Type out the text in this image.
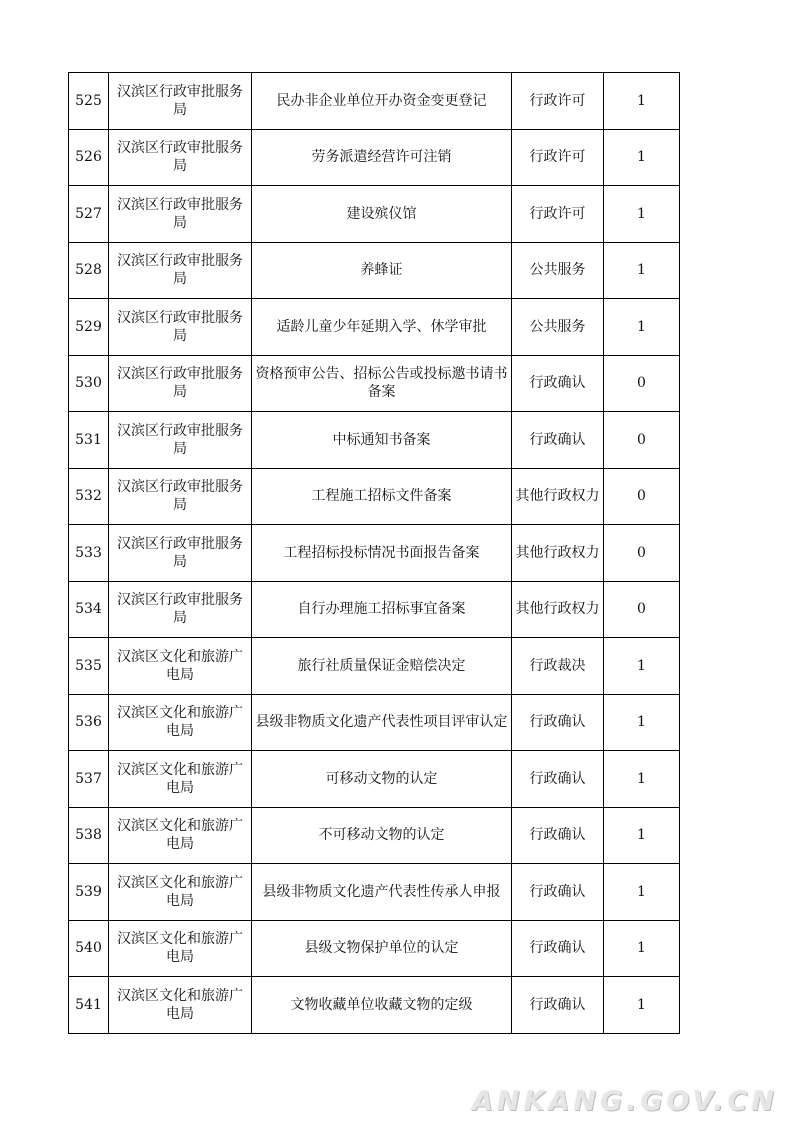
525	汉滨区行政审批服务局	民办非企业单位开办资金变更登记	行政许可	1
526	汉滨区行政审批服务局	劳务派遣经营许可注销	行政许可	1
527	汉滨区行政审批服务局	建设殡仪馆	行政许可	1
528	汉滨区行政审批服务局	养蜂证	公共服务	1
529	汉滨区行政审批服务局	适龄儿童少年延期入学、休学审批	公共服务	1
530	汉滨区行政审批服务局	资格预审公告、招标公告或投标邀书请书备案	行政确认	0
531	汉滨区行政审批服务局	中标通知书备案	行政确认	0
532	汉滨区行政审批服务局	工程施工招标文件备案	其他行政权力	0
533	汉滨区行政审批服务局	工程招标投标情况书面报告备案	其他行政权力	0
534	汉滨区行政审批服务局	自行办理施工招标事宜备案	其他行政权力	0
535	汉滨区文化和旅游广电局	旅行社质量保证金赔偿决定	行政裁决	1
536	汉滨区文化和旅游广电局	县级非物质文化遗产代表性项目评审认定	行政确认	1
537	汉滨区文化和旅游广电局	可移动文物的认定	行政确认	1
538	汉滨区文化和旅游广电局	不可移动文物的认定	行政确认	1
539	汉滨区文化和旅游广电局	县级非物质文化遗产代表性传承人申报	行政确认	1
540	汉滨区文化和旅游广电局	县级文物保护单位的认定	行政确认	1
541	汉滨区文化和旅游广电局	文物收藏单位收藏文物的定级	行政确认	1
ANKANG.GOV.CN
